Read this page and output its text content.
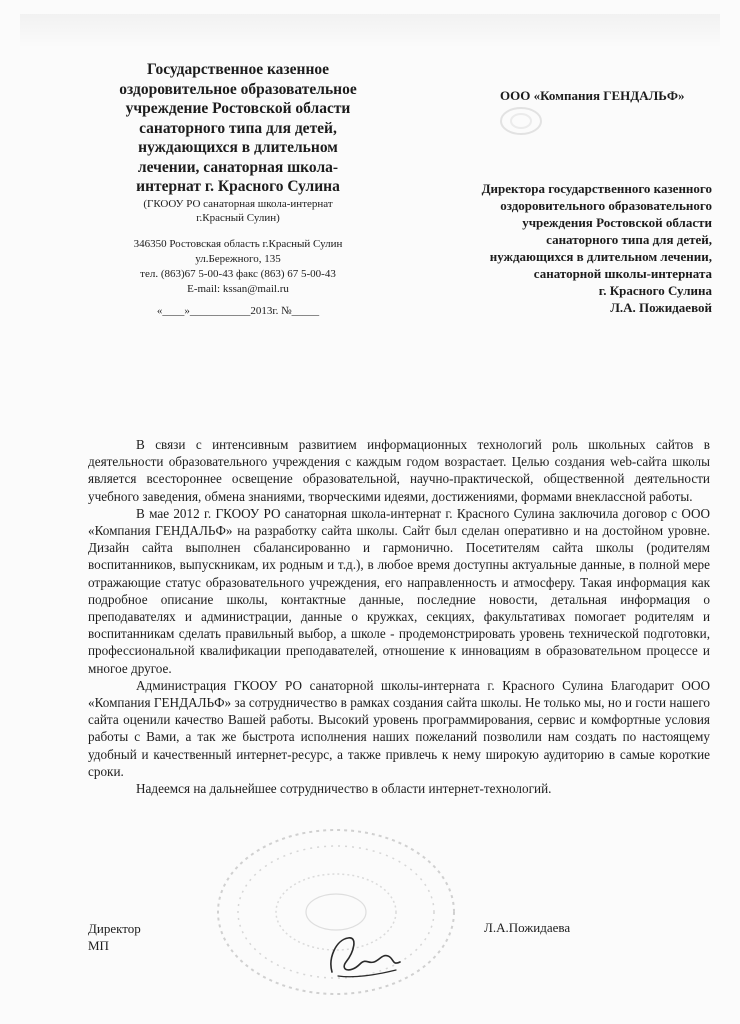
Государственное казенное
оздоровительное образовательное
учреждение Ростовской области
санаторного типа для детей,
нуждающихся в длительном
лечении, санаторная школа-
интернат г. Красного Сулина
(ГКООУ РО санаторная школа-интернат
г.Красный Сулин)
346350 Ростовская область г.Красный Сулин
ул.Бережного, 135
тел. (863)67 5-00-43 факс (863) 67 5-00-43
E-mail: kssan@mail.ru
«____»___________2013г. №_____
ООО «Компания ГЕНДАЛЬФ»
Директора государственного казенного
оздоровительного образовательного
учреждения Ростовской области
санаторного типа для детей,
нуждающихся в длительном лечении,
санаторной школы-интерната
г. Красного Сулина
Л.А. Пожидаевой

В связи с интенсивным развитием информационных технологий роль школьных сайтов в деятельности образовательного учреждения с каждым годом возрастает. Целью создания web-сайта школы является всестороннее освещение образовательной, научно-практической, общественной деятельности учебного заведения, обмена знаниями, творческими идеями, достижениями, формами внеклассной работы.

В мае 2012 г. ГКООУ РО санаторная школа-интернат г. Красного Сулина заключила договор с ООО «Компания ГЕНДАЛЬФ» на разработку сайта школы. Сайт был сделан оперативно и на достойном уровне. Дизайн сайта выполнен сбалансированно и гармонично. Посетителям сайта школы (родителям воспитанников, выпускникам, их родным и т.д.), в любое время доступны актуальные данные, в полной мере отражающие статус образовательного учреждения, его направленность и атмосферу. Такая информация как подробное описание школы, контактные данные, последние новости, детальная информация о преподавателях и администрации, данные о кружках, секциях, факультативах помогает родителям и воспитанникам сделать правильный выбор, а школе - продемонстрировать уровень технической подготовки, профессиональной квалификации преподавателей, отношение к инновациям в образовательном процессе и многое другое.

Администрация ГКООУ РО санаторной школы-интерната г. Красного Сулина Благодарит ООО «Компания ГЕНДАЛЬФ» за сотрудничество в рамках создания сайта школы. Не только мы, но и гости нашего сайта оценили качество Вашей работы. Высокий уровень программирования, сервис и комфортные условия работы с Вами, а так же быстрота исполнения наших пожеланий позволили нам создать по настоящему удобный и качественный интернет-ресурс, а также привлечь к нему широкую аудиторию в самые короткие сроки.

Надеемся на дальнейшее сотрудничество в области интернет-технологий.

Директор
МП
Л.А.Пожидаева
